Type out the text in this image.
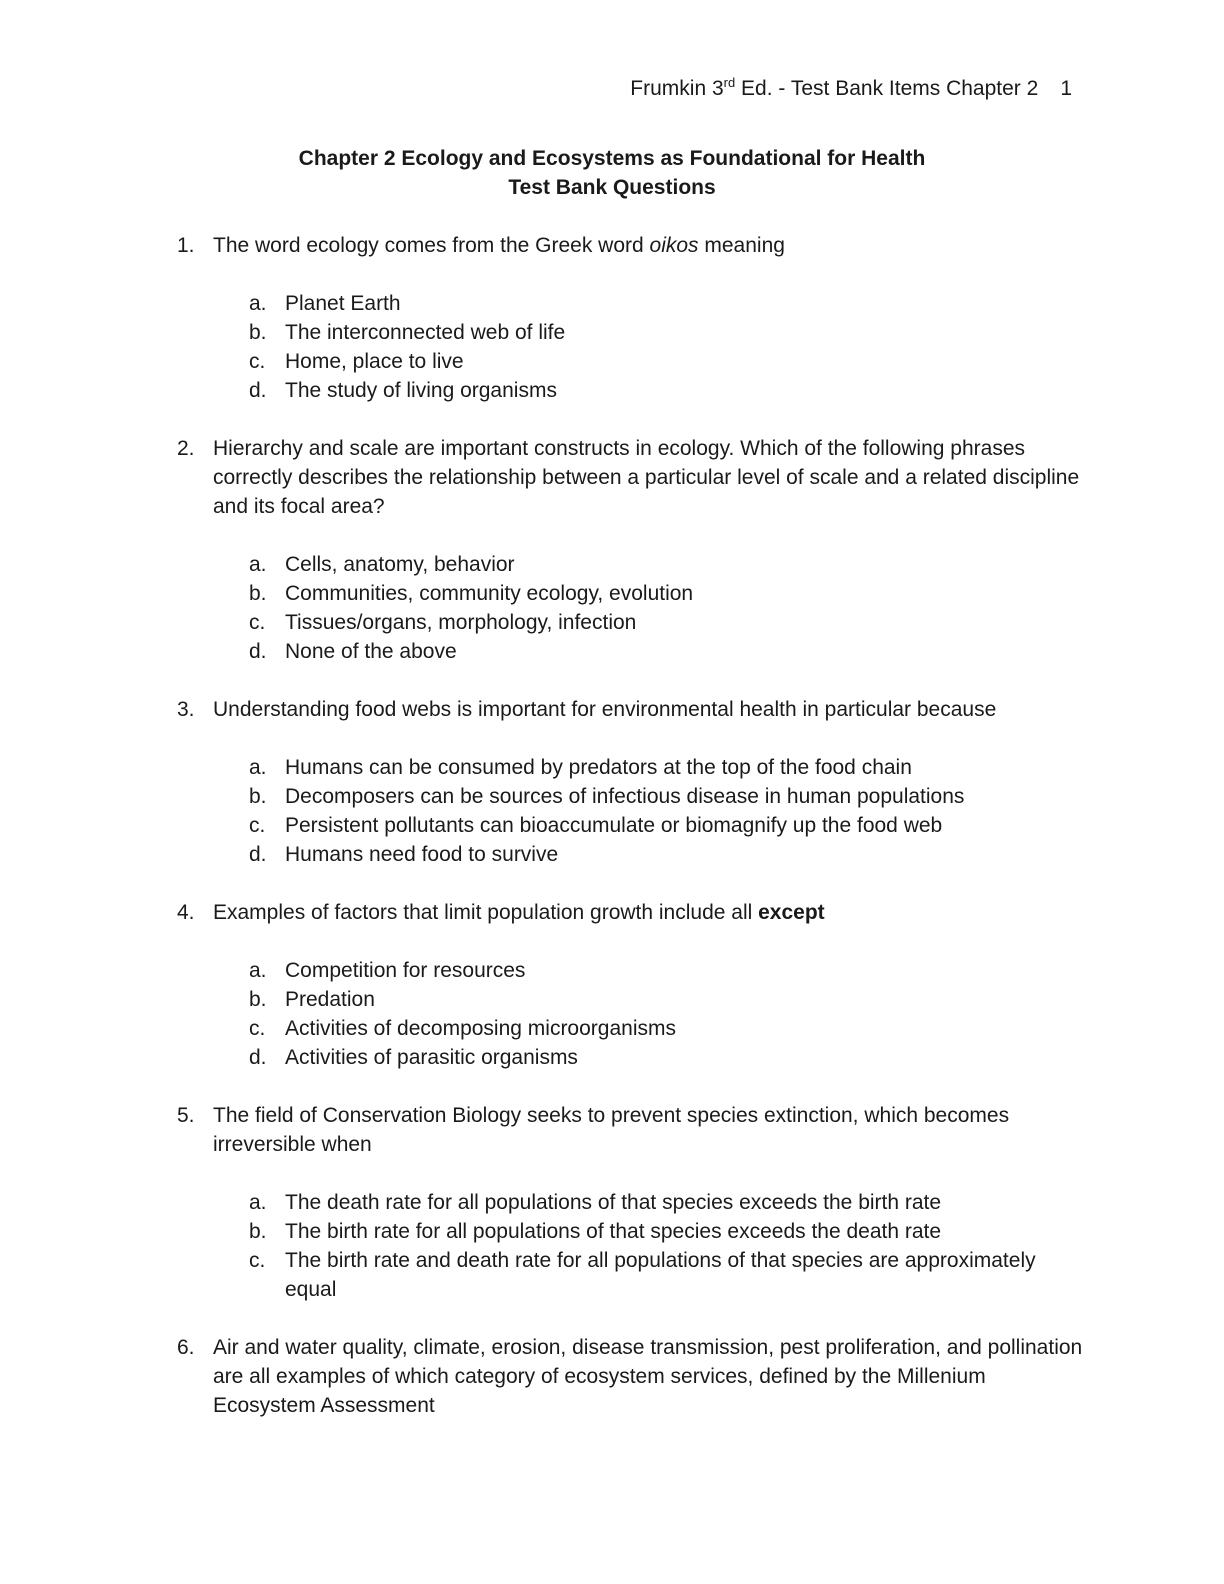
Frumkin 3rd Ed. - Test Bank Items Chapter 2 1
Chapter 2 Ecology and Ecosystems as Foundational for Health
Test Bank Questions
1. The word ecology comes from the Greek word oikos meaning
a. Planet Earth
b. The interconnected web of life
c. Home, place to live
d. The study of living organisms
2. Hierarchy and scale are important constructs in ecology. Which of the following phrases correctly describes the relationship between a particular level of scale and a related discipline and its focal area?
a. Cells, anatomy, behavior
b. Communities, community ecology, evolution
c. Tissues/organs, morphology, infection
d. None of the above
3. Understanding food webs is important for environmental health in particular because
a. Humans can be consumed by predators at the top of the food chain
b. Decomposers can be sources of infectious disease in human populations
c. Persistent pollutants can bioaccumulate or biomagnify up the food web
d. Humans need food to survive
4. Examples of factors that limit population growth include all except
a. Competition for resources
b. Predation
c. Activities of decomposing microorganisms
d. Activities of parasitic organisms
5. The field of Conservation Biology seeks to prevent species extinction, which becomes irreversible when
a. The death rate for all populations of that species exceeds the birth rate
b. The birth rate for all populations of that species exceeds the death rate
c. The birth rate and death rate for all populations of that species are approximately equal
6. Air and water quality, climate, erosion, disease transmission, pest proliferation, and pollination are all examples of which category of ecosystem services, defined by the Millenium Ecosystem Assessment
